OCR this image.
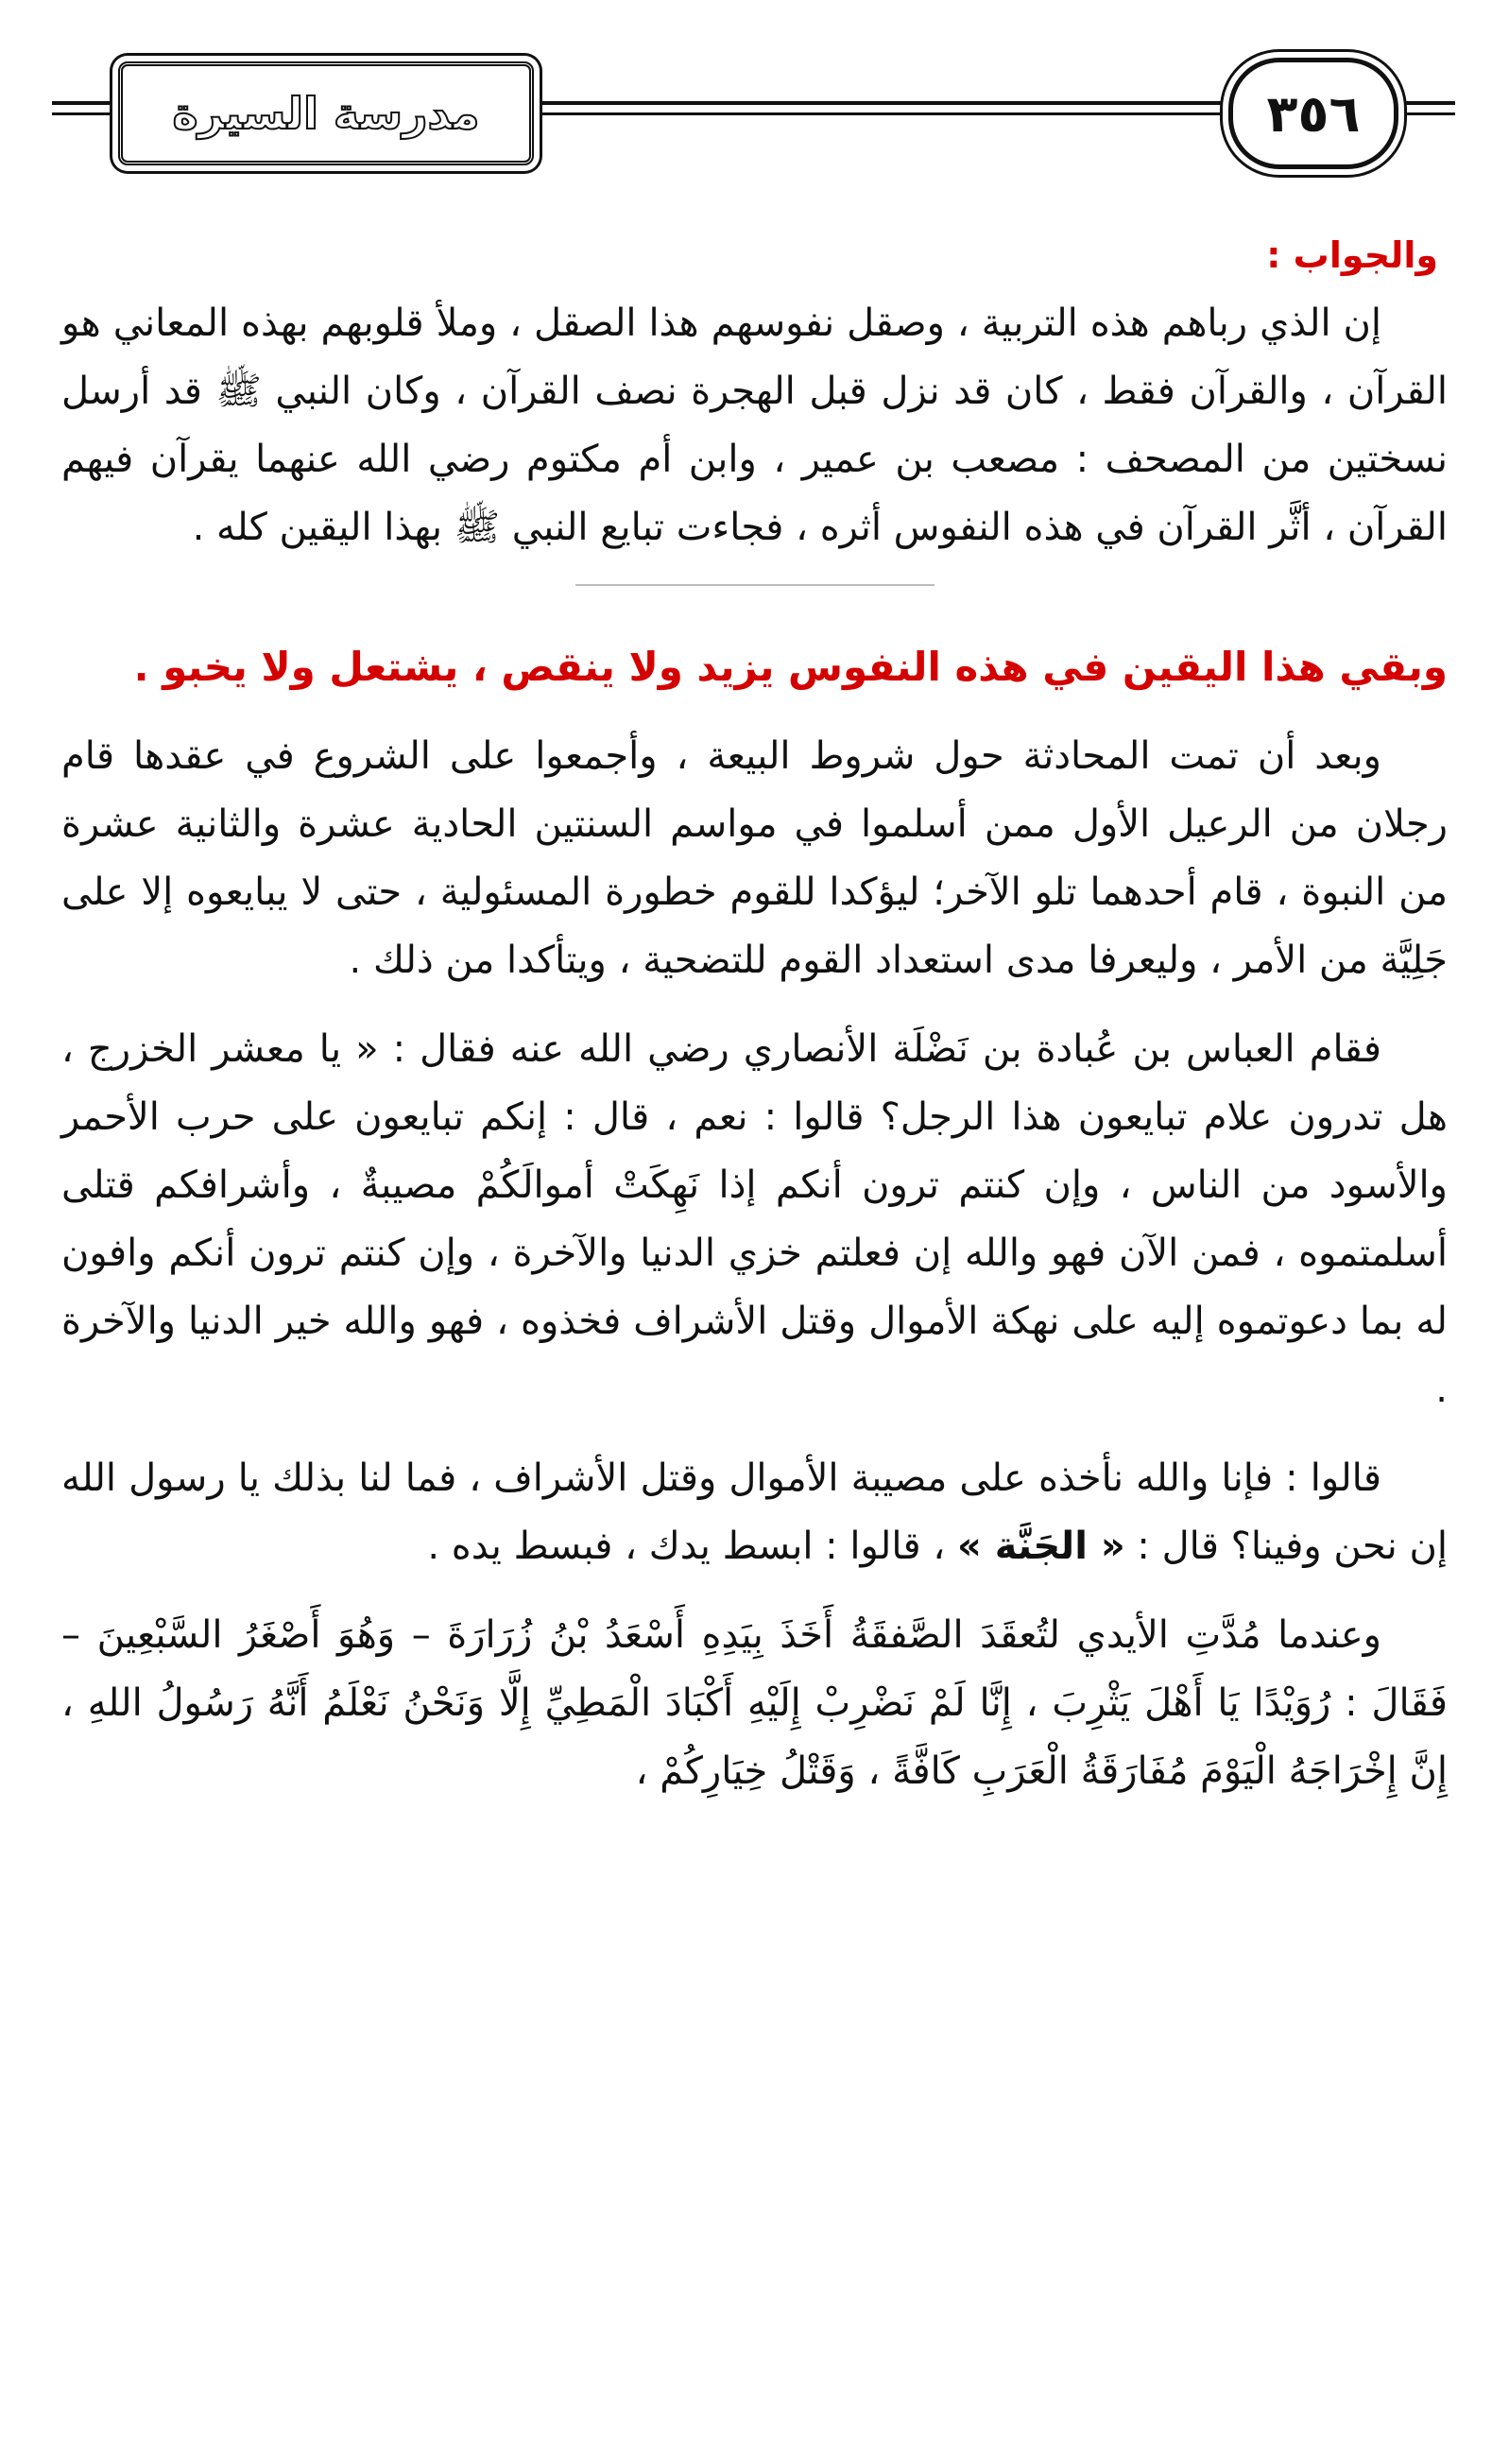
مدرسة السيرة	٣٥٦

والجواب :

إن الذي رباهم هذه التربية ، وصقل نفوسهم هذا الصقل ، وملأ قلوبهم بهذه المعاني هو القرآن ، والقرآن فقط ، كان قد نزل قبل الهجرة نصف القرآن ، وكان النبي ﷺ قد أرسل نسختين من المصحف : مصعب بن عمير ، وابن أم مكتوم رضي الله عنهما يقرآن فيهم القرآن ، أثَّر القرآن في هذه النفوس أثره ، فجاءت تبايع النبي ﷺ بهذا اليقين كله .

وبقي هذا اليقين في هذه النفوس يزيد ولا ينقص ، يشتعل ولا يخبو .

وبعد أن تمت المحادثة حول شروط البيعة ، وأجمعوا على الشروع في عقدها قام رجلان من الرعيل الأول ممن أسلموا في مواسم السنتين الحادية عشرة والثانية عشرة من النبوة ، قام أحدهما تلو الآخر؛ ليؤكدا للقوم خطورة المسئولية ، حتى لا يبايعوه إلا على جَلِيَّة من الأمر ، وليعرفا مدى استعداد القوم للتضحية ، ويتأكدا من ذلك .

فقام العباس بن عُبادة بن نَضْلَة الأنصاري رضي الله عنه فقال : « يا معشر الخزرج ، هل تدرون علام تبايعون هذا الرجل؟ قالوا : نعم ، قال : إنكم تبايعون على حرب الأحمر والأسود من الناس ، وإن كنتم ترون أنكم إذا نَهِكَتْ أموالَكُمْ مصيبةٌ ، وأشرافكم قتلى أسلمتموه ، فمن الآن فهو والله إن فعلتم خزي الدنيا والآخرة ، وإن كنتم ترون أنكم وافون له بما دعوتموه إليه على نهكة الأموال وقتل الأشراف فخذوه ، فهو والله خير الدنيا والآخرة .

قالوا : فإنا والله نأخذه على مصيبة الأموال وقتل الأشراف ، فما لنا بذلك يا رسول الله إن نحن وفينا؟ قال : « الجَنَّة » ، قالوا : ابسط يدك ، فبسط يده .

وعندما مُدَّتِ الأيدي لتُعقَدَ الصَّفقَةُ أَخَذَ بِيَدِهِ أَسْعَدُ بْنُ زُرَارَةَ – وَهُوَ أَصْغَرُ السَّبْعِينَ – فَقَالَ : رُوَيْدًا يَا أَهْلَ يَثْرِبَ ، إِنَّا لَمْ نَضْرِبْ إِلَيْهِ أَكْبَادَ الْمَطِيِّ إِلَّا وَنَحْنُ نَعْلَمُ أَنَّهُ رَسُولُ اللهِ ، إِنَّ إِخْرَاجَهُ الْيَوْمَ مُفَارَقَةُ الْعَرَبِ كَافَّةً ، وَقَتْلُ خِيَارِكُمْ ،
